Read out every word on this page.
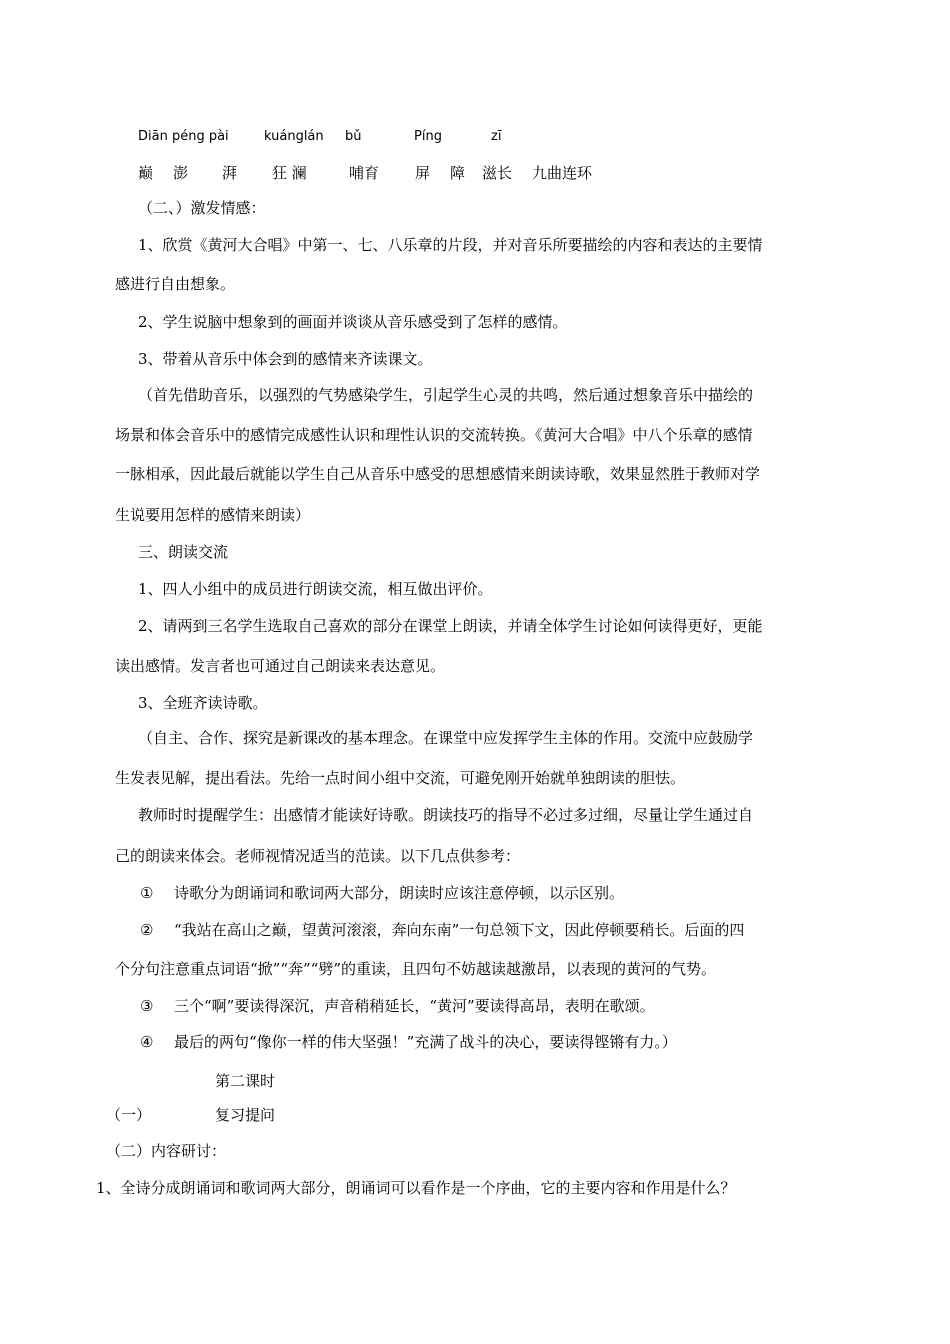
Diān péng pài	kuánglán bǔ	Píng	zī
巅 澎 湃 狂 澜	哺育 屏 障 滋长 九曲连环
（二、）激发情感：
1、欣赏《黄河大合唱》中第一、七、八乐章的片段，并对音乐所要描绘的内容和表达的主要情
感进行自由想象。
2、学生说脑中想象到的画面并谈谈从音乐感受到了怎样的感情。
3、带着从音乐中体会到的感情来齐读课文。
（首先借助音乐，以强烈的气势感染学生，引起学生心灵的共鸣，然后通过想象音乐中描绘的
场景和体会音乐中的感情完成感性认识和理性认识的交流转换。《黄河大合唱》中八个乐章的感情
一脉相承，因此最后就能以学生自己从音乐中感受的思想感情来朗读诗歌，效果显然胜于教师对学
生说要用怎样的感情来朗读）
三、朗读交流
1、四人小组中的成员进行朗读交流，相互做出评价。
2、请两到三名学生选取自己喜欢的部分在课堂上朗读，并请全体学生讨论如何读得更好，更能
读出感情。发言者也可通过自己朗读来表达意见。
3、全班齐读诗歌。
（自主、合作、探究是新课改的基本理念。在课堂中应发挥学生主体的作用。交流中应鼓励学
生发表见解，提出看法。先给一点时间小组中交流，可避免刚开始就单独朗读的胆怯。
教师时时提醒学生：出感情才能读好诗歌。朗读技巧的指导不必过多过细，尽量让学生通过自
己的朗读来体会。老师视情况适当的范读。以下几点供参考：
① 诗歌分为朗诵词和歌词两大部分，朗读时应该注意停顿，以示区别。
② “我站在高山之巅，望黄河滚滚，奔向东南”一句总领下文，因此停顿要稍长。后面的四
个分句注意重点词语“掀”“奔”“劈”的重读，且四句不妨越读越激昂，以表现的黄河的气势。
③ 三个“啊”要读得深沉，声音稍稍延长，“黄河”要读得高昂，表明在歌颂。
④ 最后的两句“像你一样的伟大坚强！”充满了战斗的决心，要读得铿锵有力。）
第二课时
（一）	复习提问
（二）内容研讨：
1、全诗分成朗诵词和歌词两大部分，朗诵词可以看作是一个序曲，它的主要内容和作用是什么？
